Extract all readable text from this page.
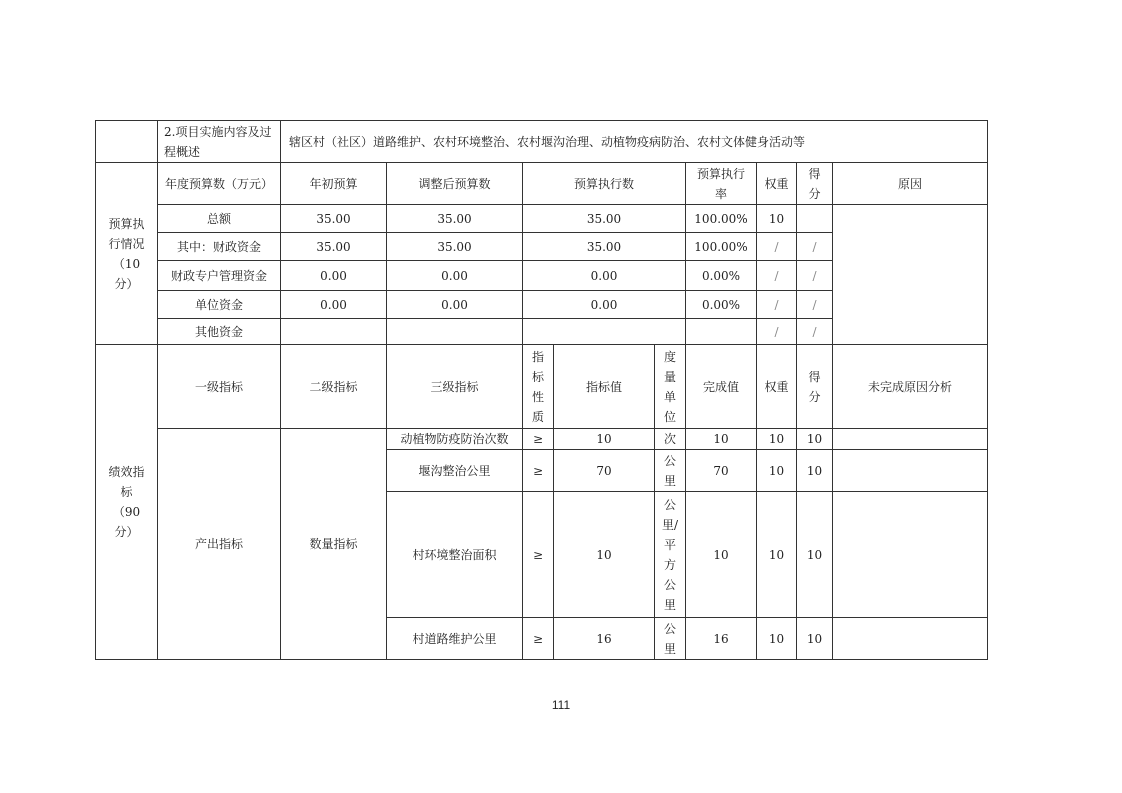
	2.项目实施内容及过程概述	辖区村（社区）道路维护、农村环境整治、农村堰沟治理、动植物疫病防治、农村文体健身活动等								

预算执行情况（10分）	年度预算数（万元）	年初预算	调整后预算数	预算执行数			预算执行率	权重	得分	原因
	总额	35.00	35.00	35.00			100.00%	10		
	其中：财政资金	35.00	35.00	35.00			100.00%	/	/	
	财政专户管理资金	0.00	0.00	0.00			0.00%	/	/	
	单位资金	0.00	0.00	0.00			0.00%	/	/	
	其他资金							/	/	

绩效指标（90分）	一级指标	二级指标	三级指标	指标性质	指标值	度量单位	完成值	权重	得分	未完成原因分析
	产出指标	数量指标	动植物防疫防治次数	≥	10	次	10	10	10	
			堰沟整治公里	≥	70	公里	70	10	10	
			村环境整治面积	≥	10	公里/平方公里	10	10	10	
			村道路维护公里	≥	16	公里	16	10	10	
111
